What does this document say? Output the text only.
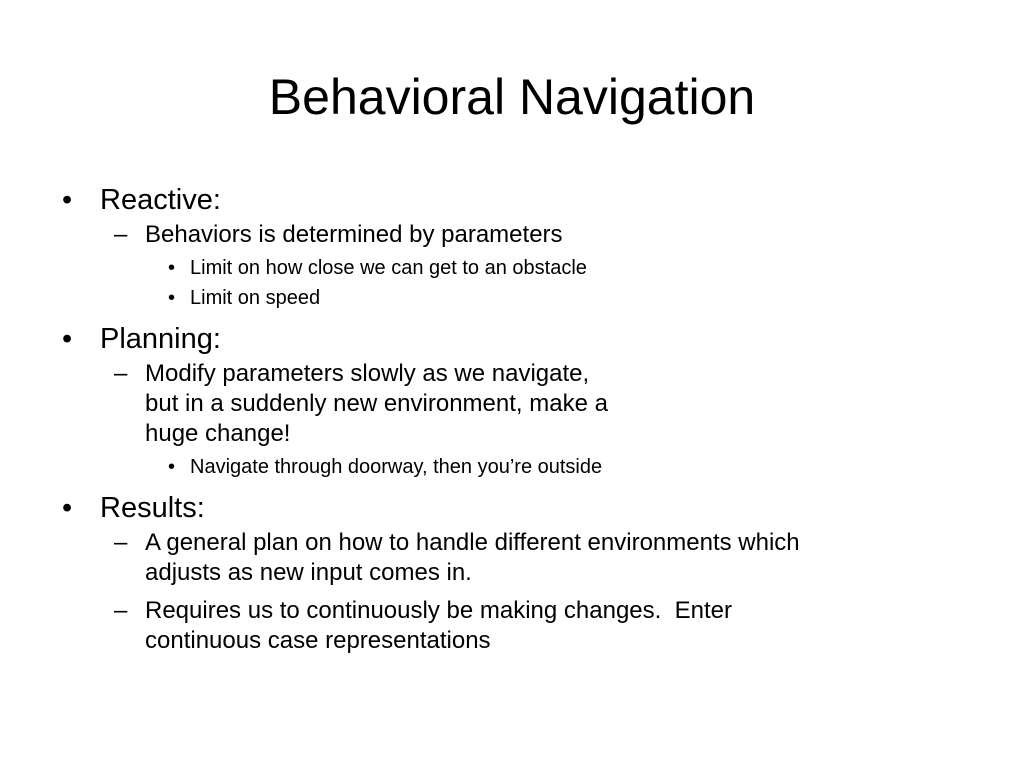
Behavioral Navigation
• Reactive:
– Behaviors is determined by parameters
• Limit on how close we can get to an obstacle
• Limit on speed
• Planning:
– Modify parameters slowly as we navigate,
but in a suddenly new environment, make a
huge change!
• Navigate through doorway, then you’re outside
• Results:
– A general plan on how to handle different environments which
adjusts as new input comes in.
– Requires us to continuously be making changes.  Enter
continuous case representations
